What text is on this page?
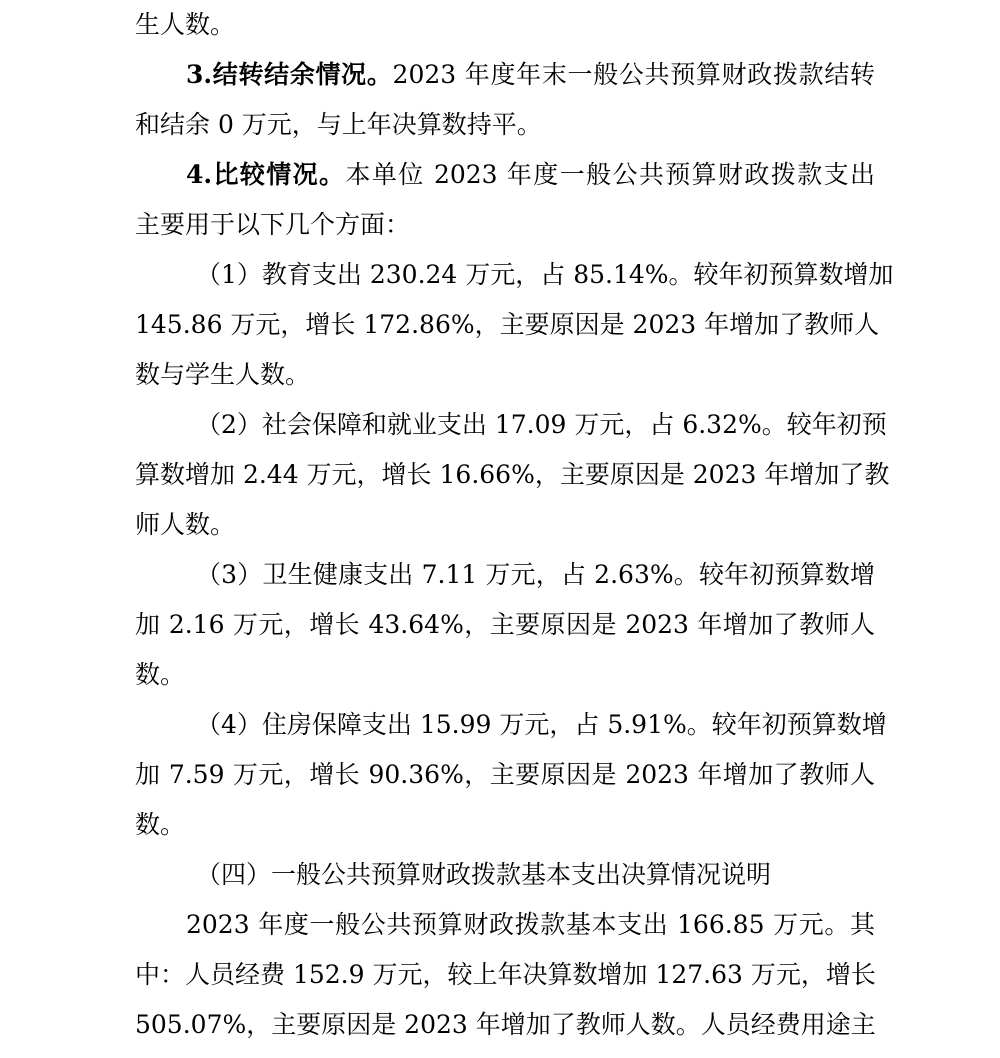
生人数。
3.结转结余情况。2023 年度年末一般公共预算财政拨款结转
和结余 0 万元，与上年决算数持平。
4.比较情况。本单位 2023 年度一般公共预算财政拨款支出
主要用于以下几个方面：
（1）教育支出 230.24 万元，占 85.14%。较年初预算数增加
145.86 万元，增长 172.86%，主要原因是 2023 年增加了教师人
数与学生人数。
（2）社会保障和就业支出 17.09 万元，占 6.32%。较年初预
算数增加 2.44 万元，增长 16.66%，主要原因是 2023 年增加了教
师人数。
（3）卫生健康支出 7.11 万元，占 2.63%。较年初预算数增
加 2.16 万元，增长 43.64%，主要原因是 2023 年增加了教师人
数。
（4）住房保障支出 15.99 万元，占 5.91%。较年初预算数增
加 7.59 万元，增长 90.36%，主要原因是 2023 年增加了教师人
数。
（四）一般公共预算财政拨款基本支出决算情况说明
2023 年度一般公共预算财政拨款基本支出 166.85 万元。其
中：人员经费 152.9 万元，较上年决算数增加 127.63 万元，增长
505.07%，主要原因是 2023 年增加了教师人数。人员经费用途主
